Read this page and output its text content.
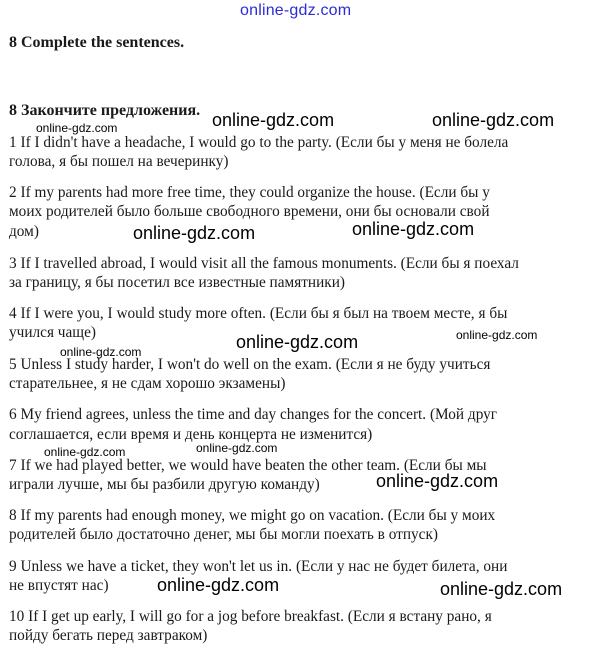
online-gdz.com
8 Complete the sentences.
8 Закончите предложения.
1 If I didn't have a headache, I would go to the party. (Если бы у меня не болела
голова, я бы пошел на вечеринку)
2 If my parents had more free time, they could organize the house. (Если бы у
моих родителей было больше свободного времени, они бы основали свой
дом)
3 If I travelled abroad, I would visit all the famous monuments. (Если бы я поехал
за границу, я бы посетил все известные памятники)
4 If I were you, I would study more often. (Если бы я был на твоем месте, я бы
учился чаще)
5 Unless I study harder, I won't do well on the exam. (Если я не буду учиться
старательнее, я не сдам хорошо экзамены)
6 My friend agrees, unless the time and day changes for the concert. (Мой друг
соглашается, если время и день концерта не изменится)
7 If we had played better, we would have beaten the other team. (Если бы мы
играли лучше, мы бы разбили другую команду)
8 If my parents had enough money, we might go on vacation. (Если бы у моих
родителей было достаточно денег, мы бы могли поехать в отпуск)
9 Unless we have a ticket, they won't let us in. (Если у нас не будет билета, они
не впустят нас)
10 If I get up early, I will go for a jog before breakfast. (Если я встану рано, я
пойду бегать перед завтраком)
online-gdz.com	online-gdz.com
online-gdz.com
online-gdz.com	online-gdz.com
online-gdz.com	online-gdz.com
online-gdz.com
online-gdz.com
online-gdz.com
online-gdz.com
online-gdz.com	online-gdz.com
